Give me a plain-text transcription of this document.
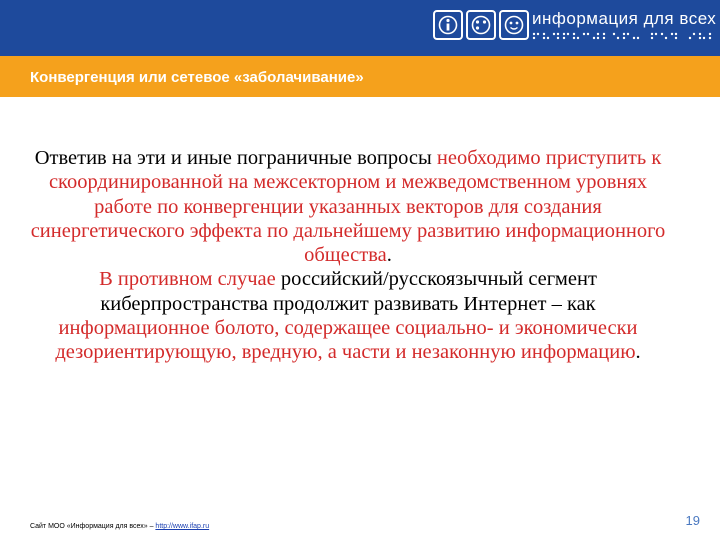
информация для всех
Конвергенция или сетевое «заболачивание»

Ответив на эти и иные пограничные вопросы необходимо приступить к скоординированной на межсекторном и межведомственном уровнях работе по конвергенции указанных векторов для создания синергетического эффекта по дальнейшему развитию информационного общества.

В противном случае российский/русскоязычный сегмент киберпространства продолжит развивать Интернет – как информационное болото, содержащее социально- и экономически дезориентирующую, вредную, а части и незаконную информацию.

Сайт МОО «Информация для всех» – http://www.ifap.ru	19
